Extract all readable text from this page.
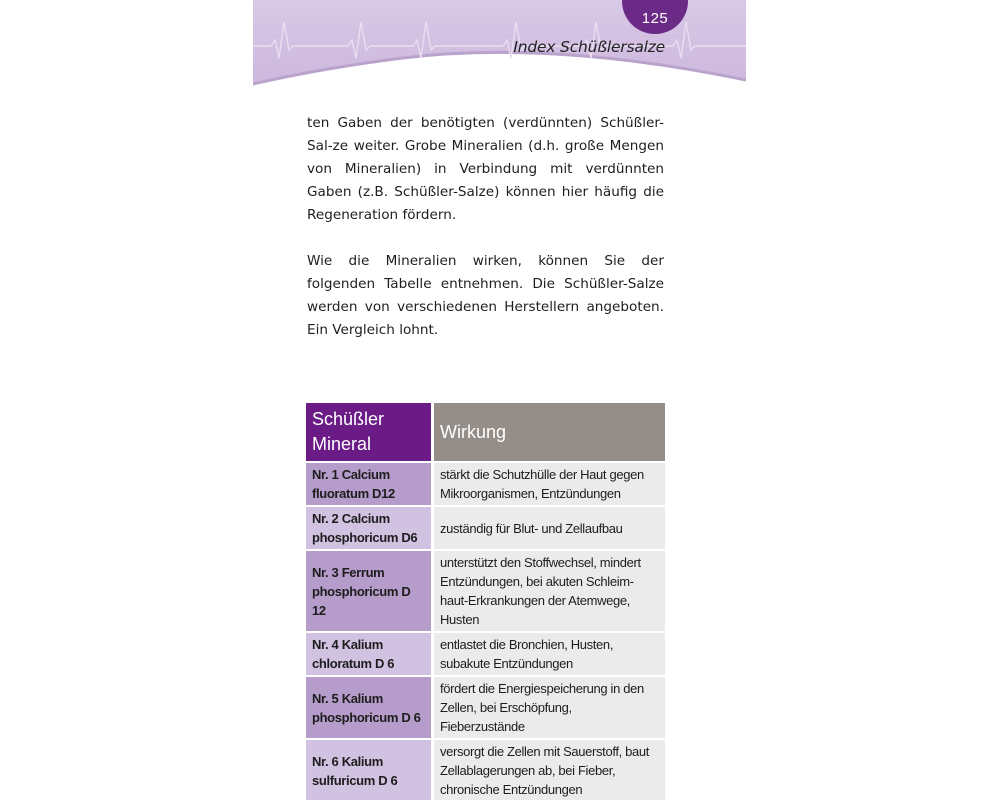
125
Index Schüßlersalze

ten Gaben der benötigten (verdünnten) Schüßler-Sal-ze weiter. Grobe Mineralien (d.h. große Mengen von Mineralien) in Verbindung mit verdünnten Gaben (z.B. Schüßler-Salze) können hier häufig die Regeneration fördern.

Wie die Mineralien wirken, können Sie der folgenden Tabelle entnehmen. Die Schüßler-Salze werden von verschiedenen Herstellern angeboten. Ein Vergleich lohnt.

Schüßler Mineral	Wirkung
Nr. 1 Calcium fluoratum D12	stärkt die Schutzhülle der Haut gegen Mikroorganismen, Entzündungen
Nr. 2 Calcium phosphoricum D6	zuständig für Blut- und Zellaufbau
Nr. 3 Ferrum phosphoricum D 12	unterstützt den Stoffwechsel, mindert Entzündungen, bei akuten Schleim-haut-Erkrankungen der Atemwege, Husten
Nr. 4 Kalium chloratum D 6	entlastet die Bronchien, Husten, subakute Entzündungen
Nr. 5 Kalium phosphoricum D 6	fördert die Energiespeicherung in den Zellen, bei Erschöpfung, Fieberzustände
Nr. 6 Kalium sulfuricum D 6	versorgt die Zellen mit Sauerstoff, baut Zellablagerungen ab, bei Fieber, chronische Entzündungen
